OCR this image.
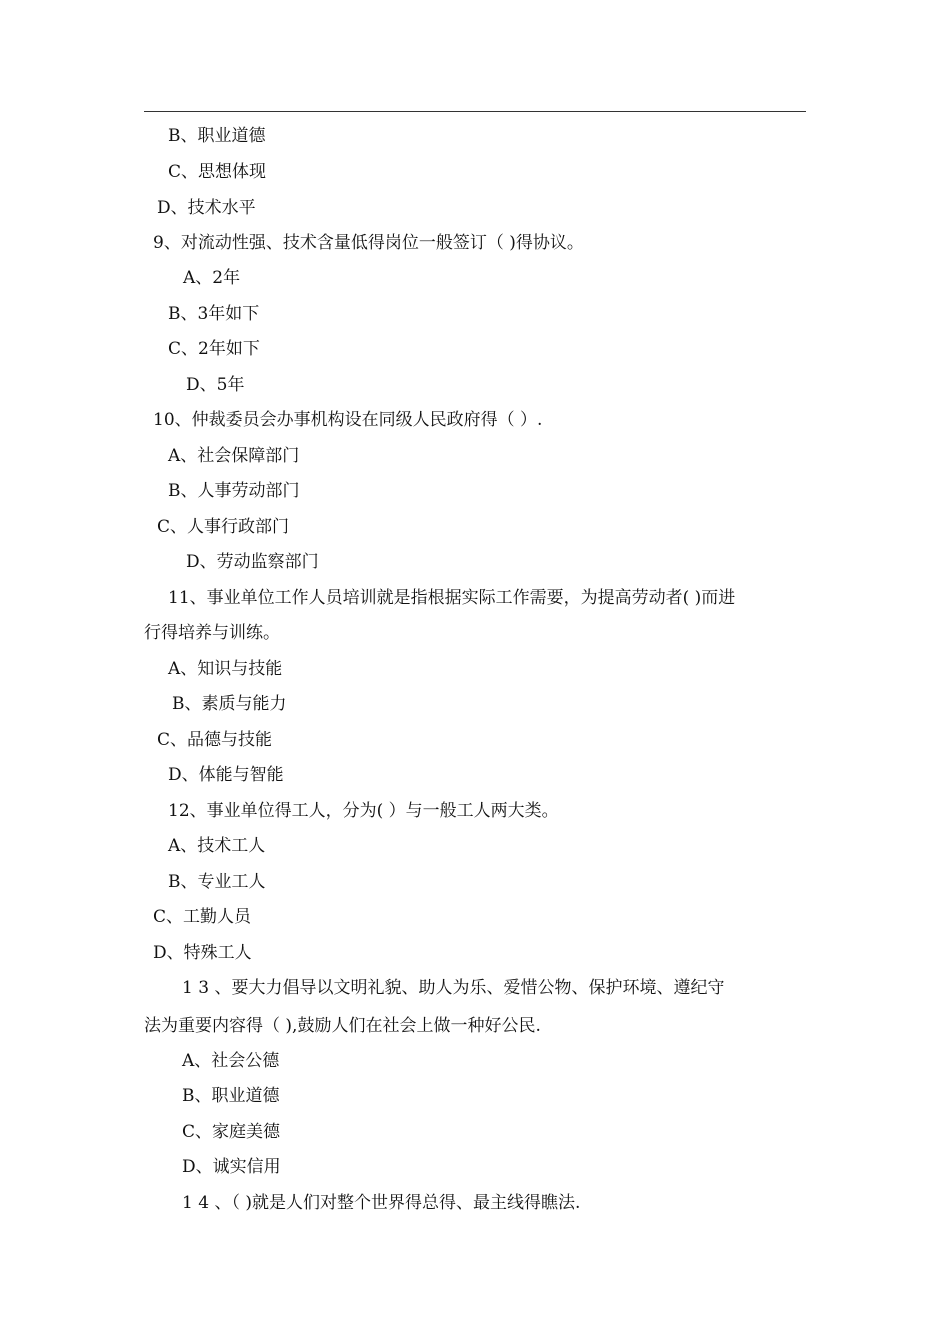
B、职业道德
C、思想体现
D、技术水平
9、对流动性强、技术含量低得岗位一般签订（ )得协议。
A、2年
B、3年如下
C、2年如下
D、5年
10、仲裁委员会办事机构设在同级人民政府得（ ）.
A、社会保障部门
B、人事劳动部门
C、人事行政部门
D、劳动监察部门
11、事业单位工作人员培训就是指根据实际工作需要，为提高劳动者( )而进
行得培养与训练。
A、知识与技能
B、素质与能力
C、品德与技能
D、体能与智能
12、事业单位得工人，分为( ）与一般工人两大类。
A、技术工人
B、专业工人
C、工勤人员
D、特殊工人
1 3 、要大力倡导以文明礼貌、助人为乐、爱惜公物、保护环境、遵纪守
法为重要内容得（ ),鼓励人们在社会上做一种好公民.
A、社会公德
B、职业道德
C、家庭美德
D、诚实信用
1 4 、（ )就是人们对整个世界得总得、最主线得瞧法.
